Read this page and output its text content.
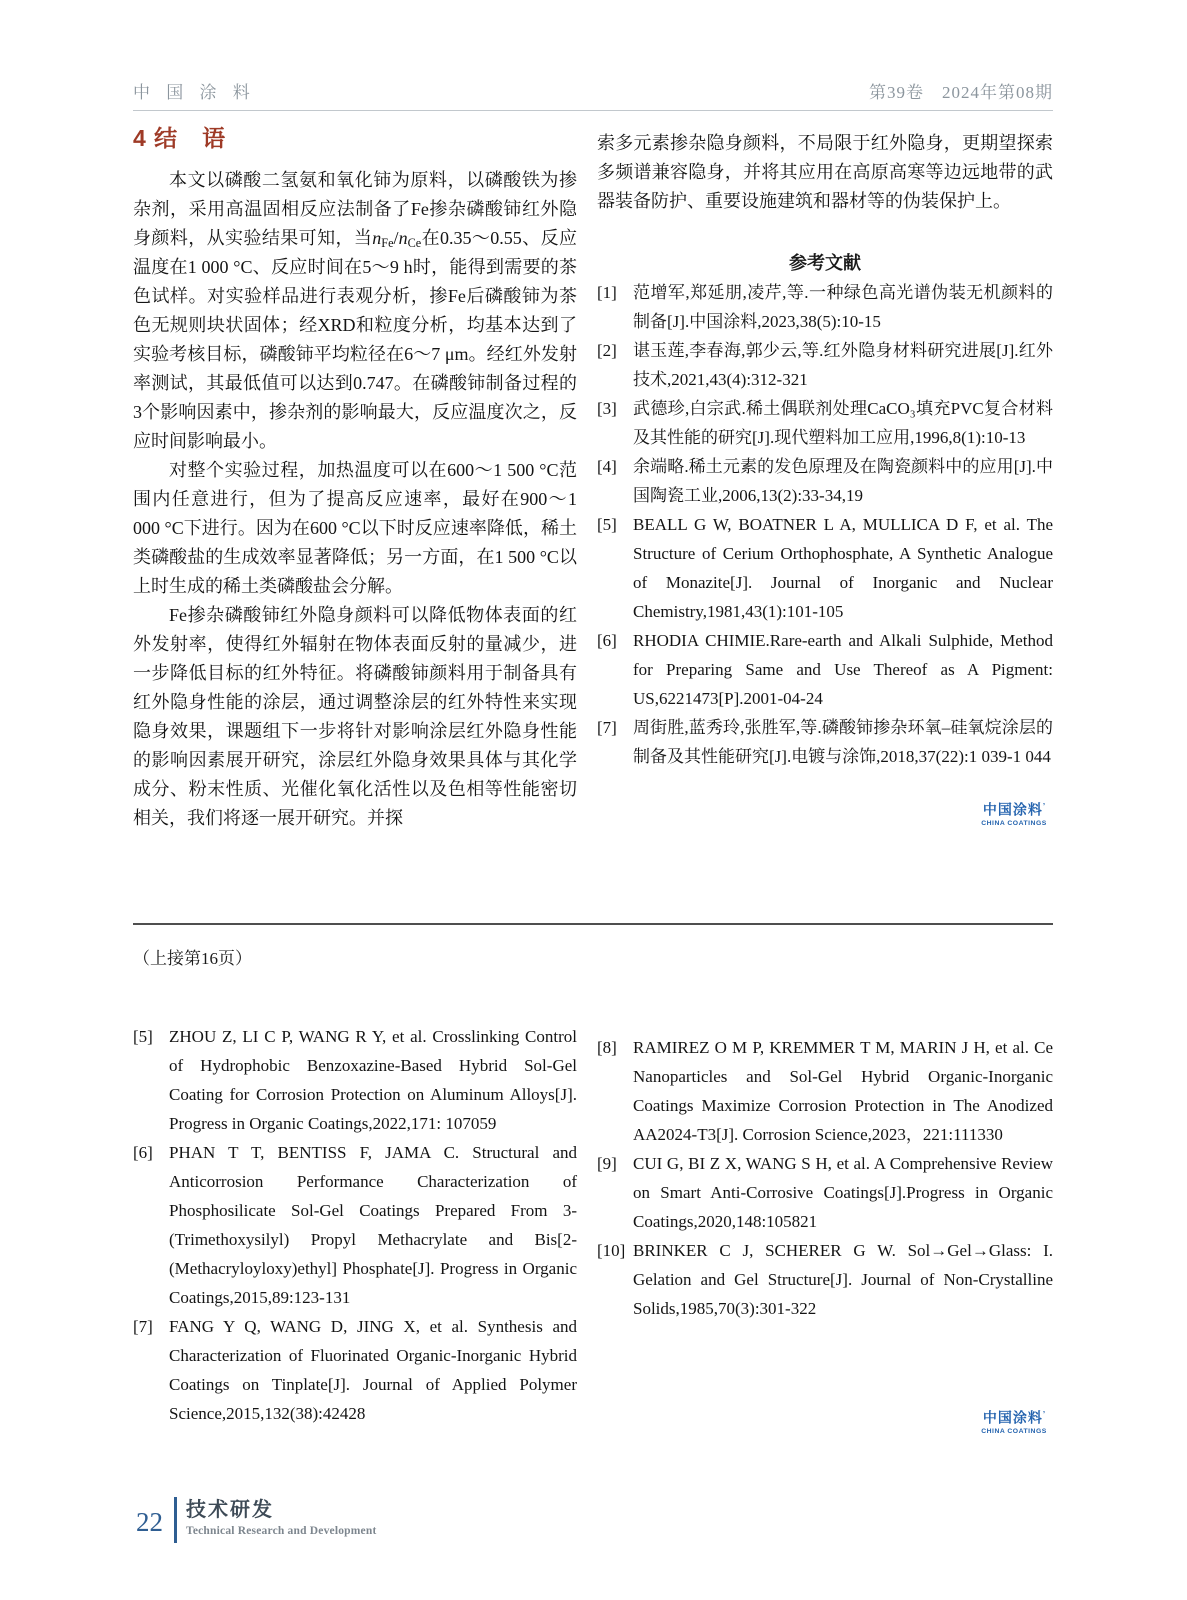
中 国 涂 料	第39卷　2024年第08期
4 结　语

本文以磷酸二氢氨和氧化铈为原料，以磷酸铁为掺杂剂，采用高温固相反应法制备了Fe掺杂磷酸铈红外隐身颜料，从实验结果可知，当$n_{Fe}/n_{Ce}$在0.35～0.55、反应温度在1 000 °C、反应时间在5～9 h时，能得到需要的茶色试样。对实验样品进行表观分析，掺Fe后磷酸铈为茶色无规则块状固体；经XRD和粒度分析，均基本达到了实验考核目标，磷酸铈平均粒径在6～7 μm。经红外发射率测试，其最低值可以达到0.747。在磷酸铈制备过程的3个影响因素中，掺杂剂的影响最大，反应温度次之，反应时间影响最小。

对整个实验过程，加热温度可以在600～1 500 °C范围内任意进行，但为了提高反应速率，最好在900～1 000 °C下进行。因为在600 °C以下时反应速率降低，稀土类磷酸盐的生成效率显著降低；另一方面，在1 500 °C以上时生成的稀土类磷酸盐会分解。

Fe掺杂磷酸铈红外隐身颜料可以降低物体表面的红外发射率，使得红外辐射在物体表面反射的量减少，进一步降低目标的红外特征。将磷酸铈颜料用于制备具有红外隐身性能的涂层，通过调整涂层的红外特性来实现隐身效果，课题组下一步将针对影响涂层红外隐身性能的影响因素展开研究，涂层红外隐身效果具体与其化学成分、粉末性质、光催化氧化活性以及色相等性能密切相关，我们将逐一展开研究。并探

索多元素掺杂隐身颜料，不局限于红外隐身，更期望探索多频谱兼容隐身，并将其应用在高原高寒等边远地带的武器装备防护、重要设施建筑和器材等的伪装保护上。

参考文献
[1] 范增军,郑延朋,凌芹,等.一种绿色高光谱伪装无机颜料的制备[J].中国涂料,2023,38(5):10-15
[2] 谌玉莲,李春海,郭少云,等.红外隐身材料研究进展[J].红外技术,2021,43(4):312-321
[3] 武德珍,白宗武.稀土偶联剂处理CaCO₃填充PVC复合材料及其性能的研究[J].现代塑料加工应用,1996,8(1):10-13
[4] 余端略.稀土元素的发色原理及在陶瓷颜料中的应用[J].中国陶瓷工业,2006,13(2):33-34,19
[5] BEALL G W, BOATNER L A, MULLICA D F, et al. The Structure of Cerium Orthophosphate, A Synthetic Analogue of Monazite[J]. Journal of Inorganic and Nuclear Chemistry,1981,43(1):101-105
[6] RHODIA CHIMIE.Rare-earth and Alkali Sulphide, Method for Preparing Same and Use Thereof as A Pigment: US,6221473[P].2001-04-24
[7] 周街胜,蓝秀玲,张胜军,等.磷酸铈掺杂环氧–硅氧烷涂层的制备及其性能研究[J].电镀与涂饰,2018,37(22):1 039-1 044
中国涂料’
CHINA COATINGS
（上接第16页）
[5] ZHOU Z, LI C P, WANG R Y, et al. Crosslinking Control of Hydrophobic Benzoxazine-Based Hybrid Sol-Gel Coating for Corrosion Protection on Aluminum Alloys[J]. Progress in Organic Coatings,2022,171: 107059
[6] PHAN T T, BENTISS F, JAMA C. Structural and Anticorrosion Performance Characterization of Phosphosilicate Sol-Gel Coatings Prepared From 3-(Trimethoxysilyl) Propyl Methacrylate and Bis[2-(Methacryloyloxy)ethyl] Phosphate[J]. Progress in Organic Coatings,2015,89:123-131
[7] FANG Y Q, WANG D, JING X, et al. Synthesis and Characterization of Fluorinated Organic-Inorganic Hybrid Coatings on Tinplate[J]. Journal of Applied Polymer Science,2015,132(38):42428
[8] RAMIREZ O M P, KREMMER T M, MARIN J H, et al. Ce Nanoparticles and Sol-Gel Hybrid Organic-Inorganic Coatings Maximize Corrosion Protection in The Anodized AA2024-T3[J]. Corrosion Science,2023，221:111330
[9] CUI G, BI Z X, WANG S H, et al. A Comprehensive Review on Smart Anti-Corrosive Coatings[J].Progress in Organic Coatings,2020,148:105821
[10] BRINKER C J, SCHERER G W. Sol→Gel→Glass: I. Gelation and Gel Structure[J]. Journal of Non-Crystalline Solids,1985,70(3):301-322
中国涂料’
CHINA COATINGS
22 技术研发
Technical Research and Development
